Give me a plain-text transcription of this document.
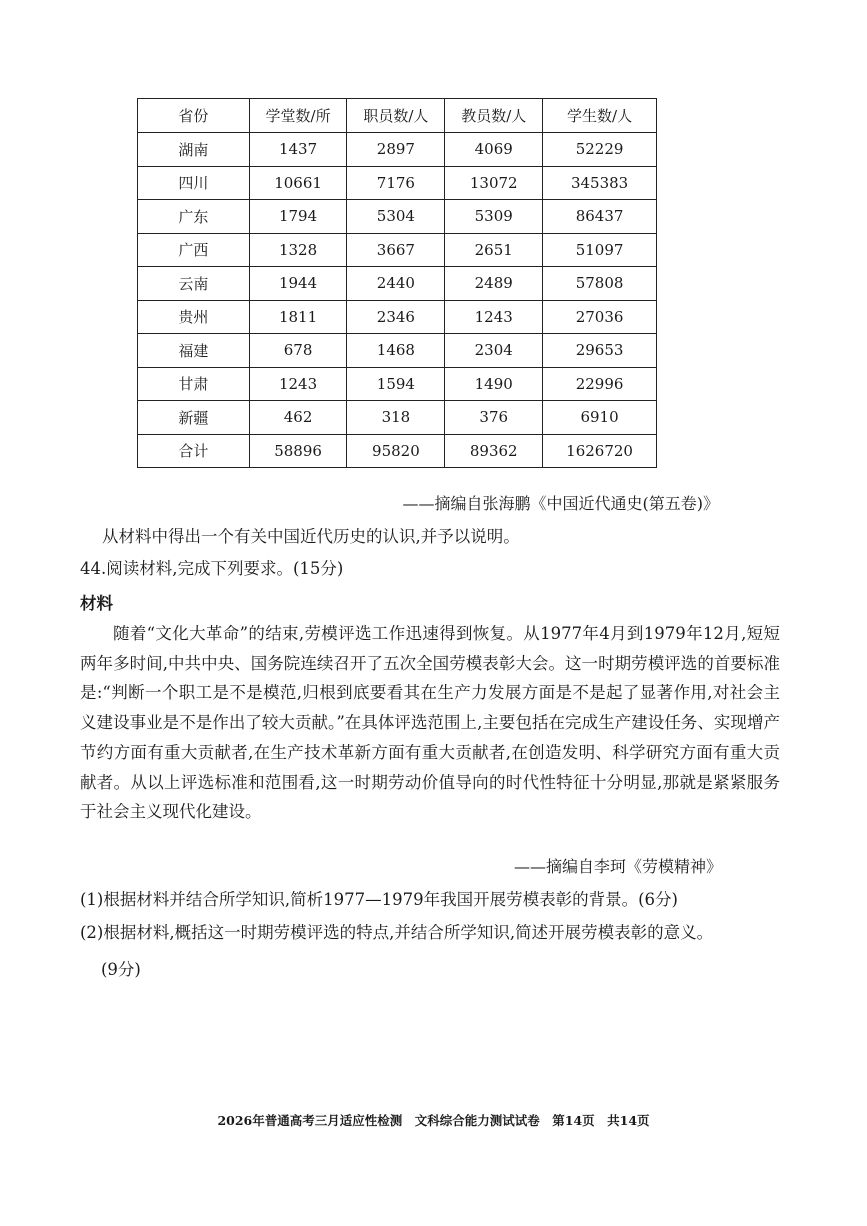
省份	学堂数/所	职员数/人	教员数/人	学生数/人
湖南	1437	2897	4069	52229
四川	10661	7176	13072	345383
广东	1794	5304	5309	86437
广西	1328	3667	2651	51097
云南	1944	2440	2489	57808
贵州	1811	2346	1243	27036
福建	678	1468	2304	29653
甘肃	1243	1594	1490	22996
新疆	462	318	376	6910
合计	58896	95820	89362	1626720
——摘编自张海鹏《中国近代通史(第五卷)》
从材料中得出一个有关中国近代历史的认识,并予以说明。
44.阅读材料,完成下列要求。(15分)
材料
随着“文化大革命”的结束,劳模评选工作迅速得到恢复。从1977年4月到1979年12月,短短两年多时间,中共中央、国务院连续召开了五次全国劳模表彰大会。这一时期劳模评选的首要标准是:“判断一个职工是不是模范,归根到底要看其在生产力发展方面是不是起了显著作用,对社会主义建设事业是不是作出了较大贡献。”在具体评选范围上,主要包括在完成生产建设任务、实现增产节约方面有重大贡献者,在生产技术革新方面有重大贡献者,在创造发明、科学研究方面有重大贡献者。从以上评选标准和范围看,这一时期劳动价值导向的时代性特征十分明显,那就是紧紧服务于社会主义现代化建设。
——摘编自李珂《劳模精神》
(1)根据材料并结合所学知识,简析1977—1979年我国开展劳模表彰的背景。(6分)
(2)根据材料,概括这一时期劳模评选的特点,并结合所学知识,简述开展劳模表彰的意义。
(9分)
2026年普通高考三月适应性检测　文科综合能力测试试卷　第14页　共14页
